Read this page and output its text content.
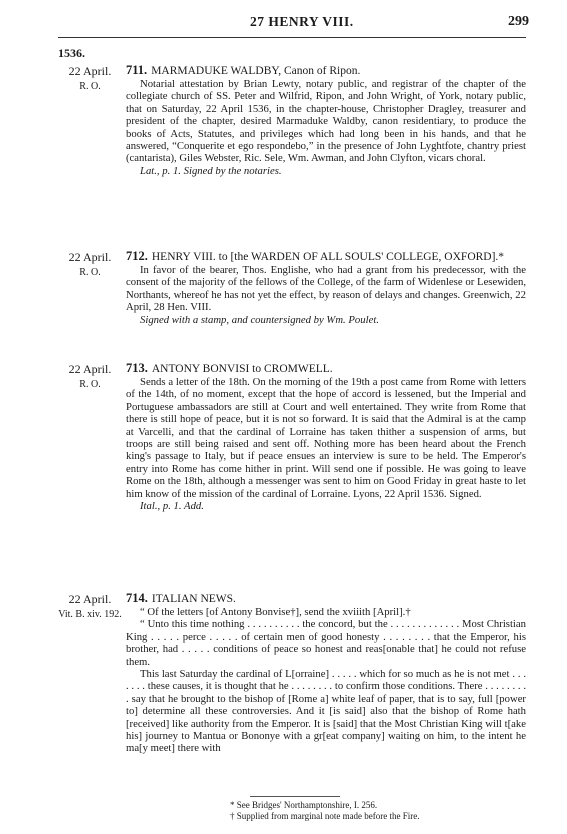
27 HENRY VIII.	299
1536.
22 April.
R. O.
711. MARMADUKE WALDBY, Canon of Ripon.

Notarial attestation by Brian Lewty, notary public, and registrar of the chapter of the collegiate church of SS. Peter and Wilfrid, Ripon, and John Wright, of York, notary public, that on Saturday, 22 April 1536, in the chapter-house, Christopher Dragley, treasurer and president of the chapter, desired Marmaduke Waldby, canon residentiary, to produce the books of Acts, Statutes, and privileges which had long been in his hands, and that he answered, “Conquerite et ego respondebo,” in the presence of John Lyghtfote, chantry priest (cantarista), Giles Webster, Ric. Sele, Wm. Awman, and John Clyfton, vicars choral.

Lat., p. 1. Signed by the notaries.

22 April.
R. O.
712. HENRY VIII. to [the WARDEN OF ALL SOULS' COLLEGE, OXFORD].*

In favor of the bearer, Thos. Englishe, who had a grant from his predecessor, with the consent of the majority of the fellows of the College, of the farm of Widenlese or Lesewiden, Northants, whereof he has not yet the effect, by reason of delays and changes. Greenwich, 22 April, 28 Hen. VIII.

Signed with a stamp, and countersigned by Wm. Poulet.

22 April.
R. O.
713. ANTONY BONVISI to CROMWELL.

Sends a letter of the 18th. On the morning of the 19th a post came from Rome with letters of the 14th, of no moment, except that the hope of accord is lessened, but the Imperial and Portuguese ambassadors are still at Court and well entertained. They write from Rome that there is still hope of peace, but it is not so forward. It is said that the Admiral is at the camp at Varcelli, and that the cardinal of Lorraine has taken thither a suspension of arms, but troops are still being raised and sent off. Nothing more has been heard about the French king's passage to Italy, but if peace ensues an interview is sure to be held. The Emperor's entry into Rome has come hither in print. Will send one if possible. He was going to leave Rome on the 18th, although a messenger was sent to him on Good Friday in great haste to let him know of the mission of the cardinal of Lorraine. Lyons, 22 April 1536. Signed.

Ital., p. 1. Add.

22 April.
Vit. B. xiv. 192.
714. ITALIAN NEWS.

“ Of the letters [of Antony Bonvise†], send the xviiith [April].†

“ Unto this time nothing . . . . . . . . . . the concord, but the . . . . . . . . . . . . . Most Christian King . . . . . perce . . . . . of certain men of good honesty . . . . . . . . that the Emperor, his brother, had . . . . . conditions of peace so honest and reas[onable that] he could not refuse them.

This last Saturday the cardinal of L[orraine] . . . . . which for so much as he is not met . . . . . . . these causes, it is thought that he . . . . . . . . to confirm those conditions. There . . . . . . . . . say that he brought to the bishop of [Rome a] white leaf of paper, that is to say, full [power to] determine all these controversies. And it [is said] also that the bishop of Rome hath [received] like authority from the Emperor. It is [said] that the Most Christian King will t[ake his] journey to Mantua or Bononye with a gr[eat company] waiting on him, to the intent he ma[y meet] there with

* See Bridges' Northamptonshire, I. 256.

† Supplied from marginal note made before the Fire.
